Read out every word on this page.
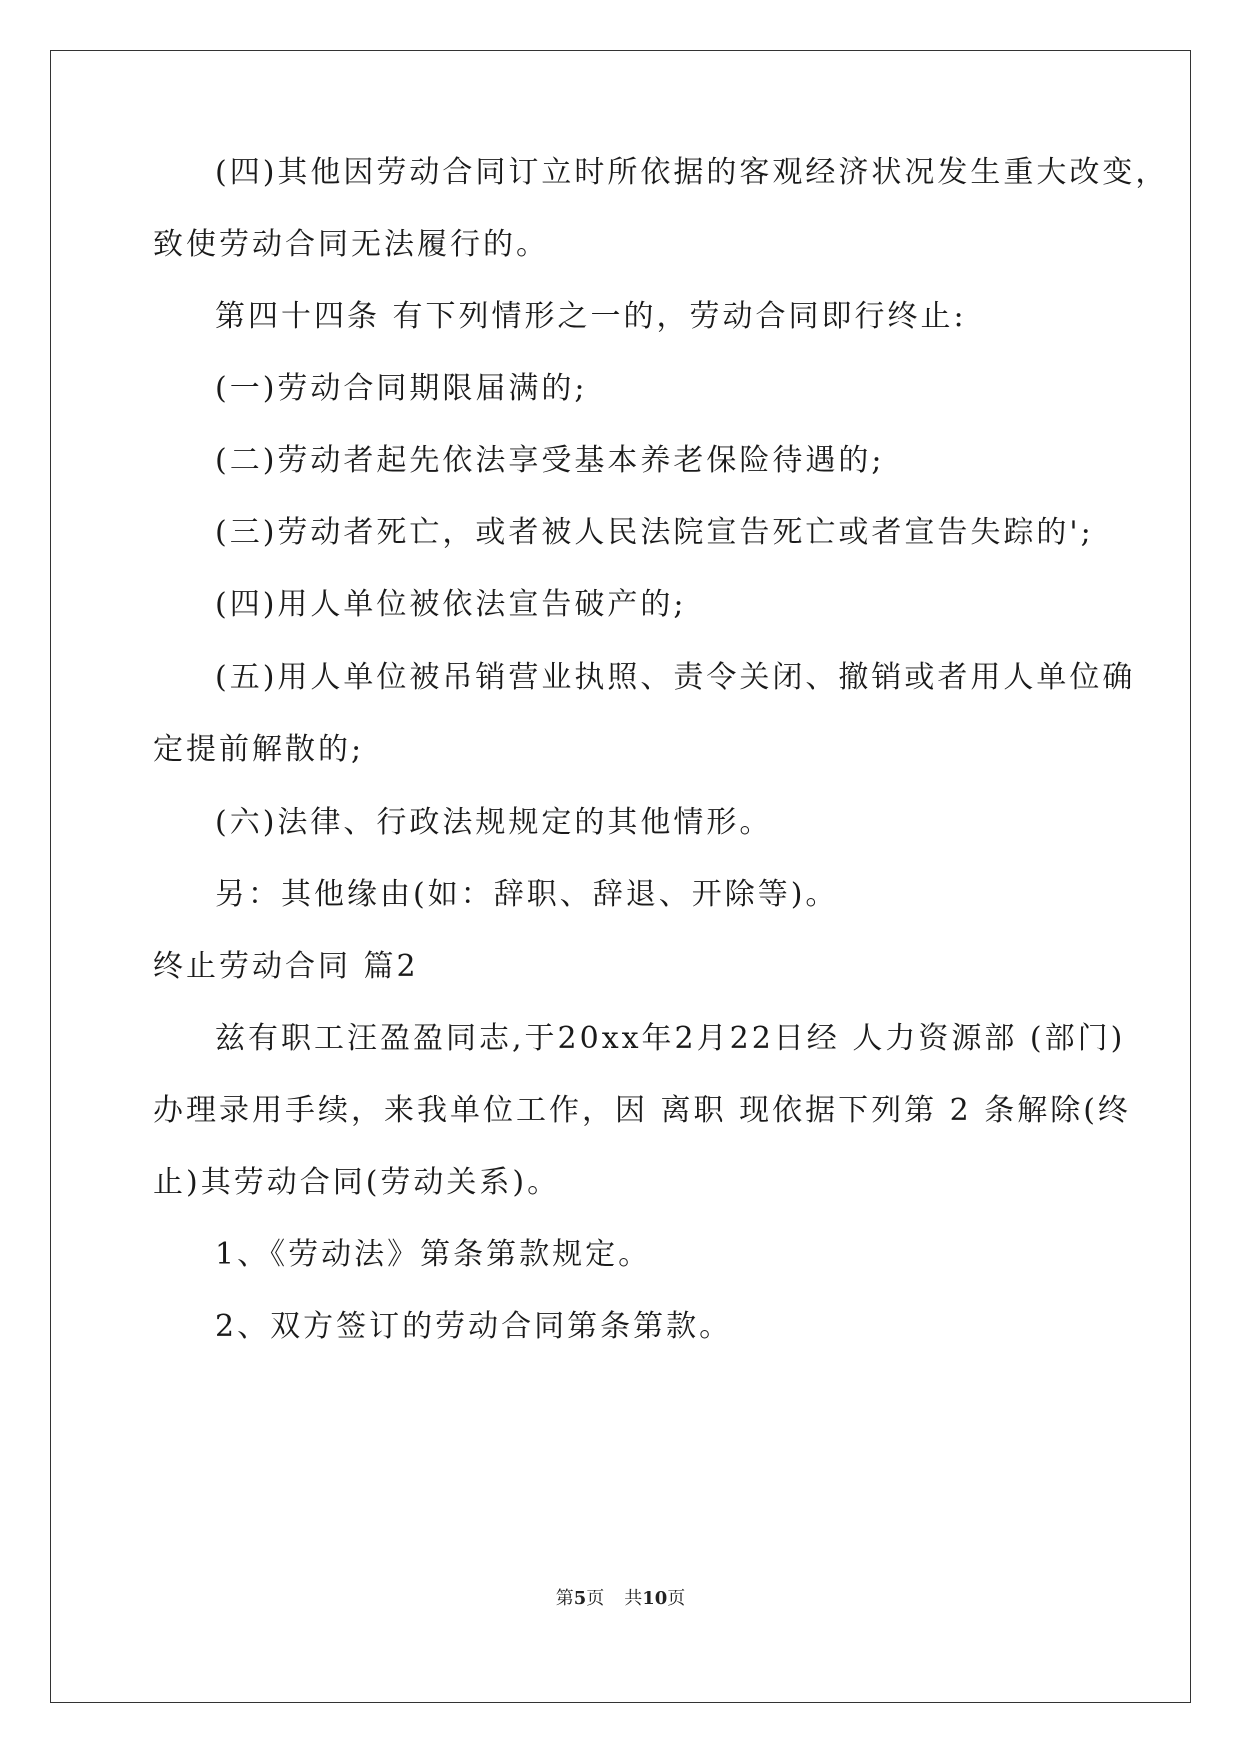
(四)其他因劳动合同订立时所依据的客观经济状况发生重大改变，
致使劳动合同无法履行的。
第四十四条 有下列情形之一的，劳动合同即行终止:
(一)劳动合同期限届满的;
(二)劳动者起先依法享受基本养老保险待遇的;
(三)劳动者死亡，或者被人民法院宣告死亡或者宣告失踪的';
(四)用人单位被依法宣告破产的;
(五)用人单位被吊销营业执照、责令关闭、撤销或者用人单位确
定提前解散的;
(六)法律、行政法规规定的其他情形。
另：其他缘由(如：辞职、辞退、开除等)。
终止劳动合同 篇2
兹有职工汪盈盈同志,于20xx年2月22日经 人力资源部 (部门)
办理录用手续，来我单位工作，因 离职 现依据下列第 2 条解除(终
止)其劳动合同(劳动关系)。
1、《劳动法》第条第款规定。
2、双方签订的劳动合同第条第款。
第5页 共10页
